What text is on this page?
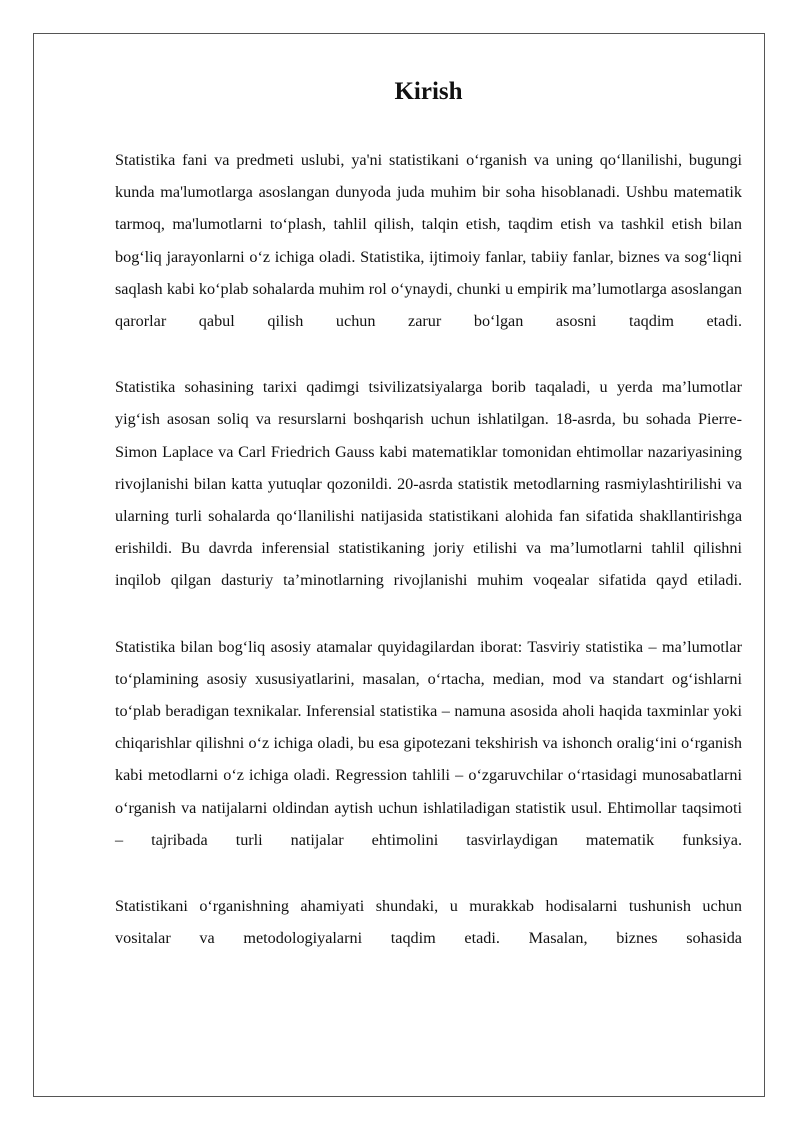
Kirish

Statistika fani va predmeti uslubi, ya'ni statistikani o‘rganish va uning qo‘llanilishi, bugungi kunda ma'lumotlarga asoslangan dunyoda juda muhim bir soha hisoblanadi. Ushbu matematik tarmoq, ma'lumotlarni to‘plash, tahlil qilish, talqin etish, taqdim etish va tashkil etish bilan bog‘liq jarayonlarni o‘z ichiga oladi. Statistika, ijtimoiy fanlar, tabiiy fanlar, biznes va sog‘liqni saqlash kabi ko‘plab sohalarda muhim rol o‘ynaydi, chunki u empirik ma’lumotlarga asoslangan qarorlar qabul qilish uchun zarur bo‘lgan asosni taqdim etadi.

Statistika sohasining tarixi qadimgi tsivilizatsiyalarga borib taqaladi, u yerda ma’lumotlar yig‘ish asosan soliq va resurslarni boshqarish uchun ishlatilgan. 18-asrda, bu sohada Pierre-Simon Laplace va Carl Friedrich Gauss kabi matematiklar tomonidan ehtimollar nazariyasining rivojlanishi bilan katta yutuqlar qozonildi. 20-asrda statistik metodlarning rasmiylashtirilishi va ularning turli sohalarda qo‘llanilishi natijasida statistikani alohida fan sifatida shakllantirishga erishildi. Bu davrda inferensial statistikaning joriy etilishi va ma’lumotlarni tahlil qilishni inqilob qilgan dasturiy ta’minotlarning rivojlanishi muhim voqealar sifatida qayd etiladi.

Statistika bilan bog‘liq asosiy atamalar quyidagilardan iborat: Tasviriy statistika – ma’lumotlar to‘plamining asosiy xususiyatlarini, masalan, o‘rtacha, median, mod va standart og‘ishlarni to‘plab beradigan texnikalar. Inferensial statistika – namuna asosida aholi haqida taxminlar yoki chiqarishlar qilishni o‘z ichiga oladi, bu esa gipotezani tekshirish va ishonch oralig‘ini o‘rganish kabi metodlarni o‘z ichiga oladi. Regression tahlili – o‘zgaruvchilar o‘rtasidagi munosabatlarni o‘rganish va natijalarni oldindan aytish uchun ishlatiladigan statistik usul. Ehtimollar taqsimoti – tajribada turli natijalar ehtimolini tasvirlaydigan matematik funksiya.

Statistikani o‘rganishning ahamiyati shundaki, u murakkab hodisalarni tushunish uchun vositalar va metodologiyalarni taqdim etadi. Masalan, biznes sohasida
